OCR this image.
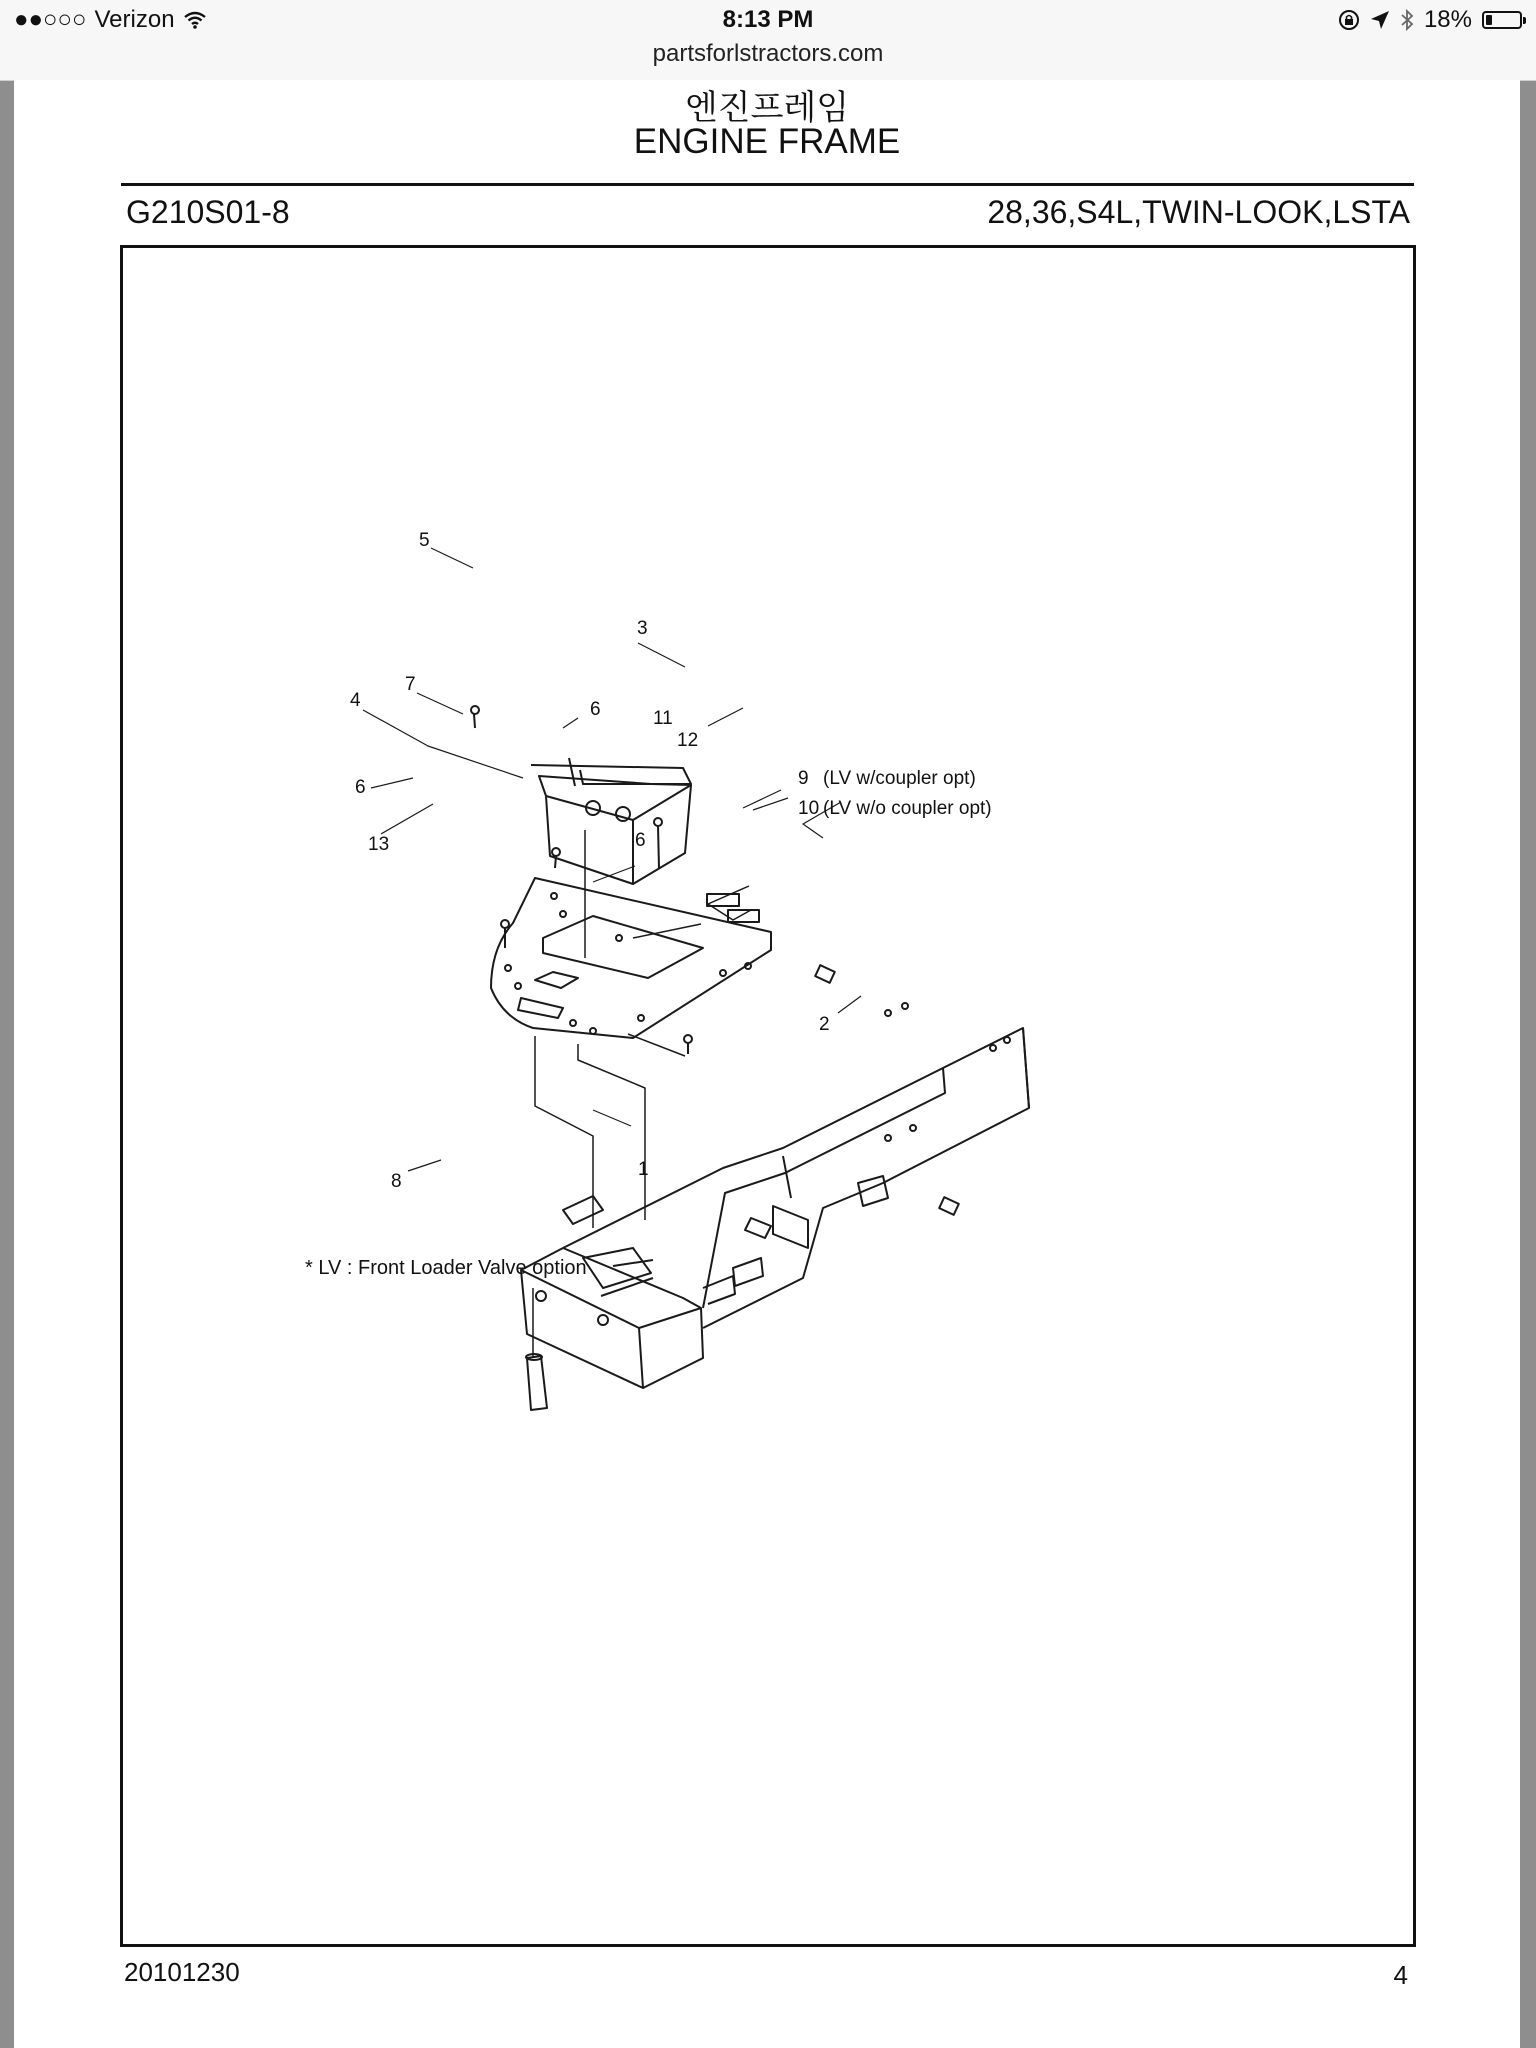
●●○○○ Verizon	8:13 PM	18%
partsforlstractors.com
엔진프레임
ENGINE FRAME
G210S01-8	28,36,S4L,TWIN-LOOK,LSTA
5
3
4
7
6
6
13	6
11
12
9 (LV w/coupler opt)
10 (LV w/o coupler opt)
2
1
8
* LV : Front Loader Valve option
20101230	4
